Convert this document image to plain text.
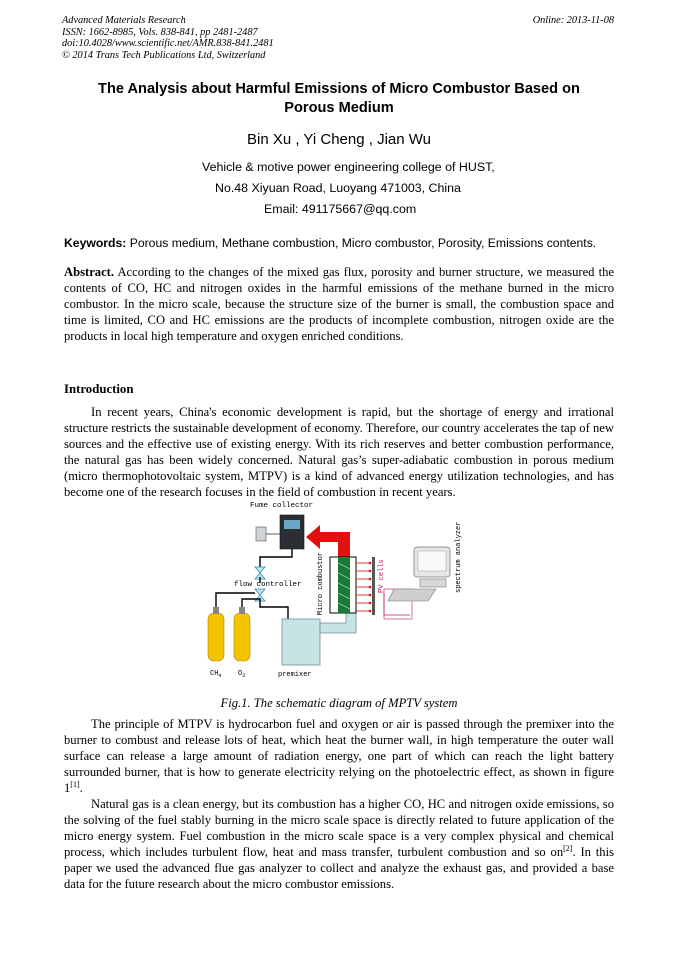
Advanced Materials Research
ISSN: 1662-8985, Vols. 838-841, pp 2481-2487
doi:10.4028/www.scientific.net/AMR.838-841.2481
© 2014 Trans Tech Publications Ltd, Switzerland
Online: 2013-11-08
The Analysis about Harmful Emissions of Micro Combustor Based on
Porous Medium
Bin Xu , Yi Cheng , Jian Wu
Vehicle & motive power engineering college of HUST,
No.48 Xiyuan Road, Luoyang 471003, China
Email: 491175667@qq.com
Keywords: Porous medium, Methane combustion, Micro combustor, Porosity, Emissions contents.
Abstract. According to the changes of the mixed gas flux, porosity and burner structure, we measured the contents of CO, HC and nitrogen oxides in the harmful emissions of the methane burned in the micro combustor. In the micro scale, because the structure size of the burner is small, the combustion space and time is limited, CO and HC emissions are the products of incomplete combustion, nitrogen oxide are the products in local high temperature and oxygen enriched conditions.
Introduction
In recent years, China's economic development is rapid, but the shortage of energy and irrational structure restricts the sustainable development of economy. Therefore, our country accelerates the tap of new sources and the effective use of existing energy. With its rich reserves and better combustion performance, the natural gas has been widely concerned. Natural gas’s super-adiabatic combustion in porous medium (micro thermophotovoltaic system, MTPV) is a kind of advanced energy utilization technologies, and has become one of the research focuses in the field of combustion in recent years.
Fume collector
flow controller
$CH_4$ $O_2$	premixer
Micro combustor	PV cells	spectrum analyzer
Fig.1. The schematic diagram of MPTV system
The principle of MTPV is hydrocarbon fuel and oxygen or air is passed through the premixer into the burner to combust and release lots of heat, which heat the burner wall, in high temperature the outer wall surface can release a large amount of radiation energy, one part of which can reach the light battery surrounded burner, that is how to generate electricity relying on the photoelectric effect, as shown in figure 1[1].
Natural gas is a clean energy, but its combustion has a higher CO, HC and nitrogen oxide emissions, so the solving of the fuel stably burning in the micro scale space is directly related to future application of the micro energy system. Fuel combustion in the micro scale space is a very complex physical and chemical process, which includes turbulent flow, heat and mass transfer, turbulent combustion and so on[2]. In this paper we used the advanced flue gas analyzer to collect and analyze the exhaust gas, and provided a base data for the future research about the micro combustor emissions.
